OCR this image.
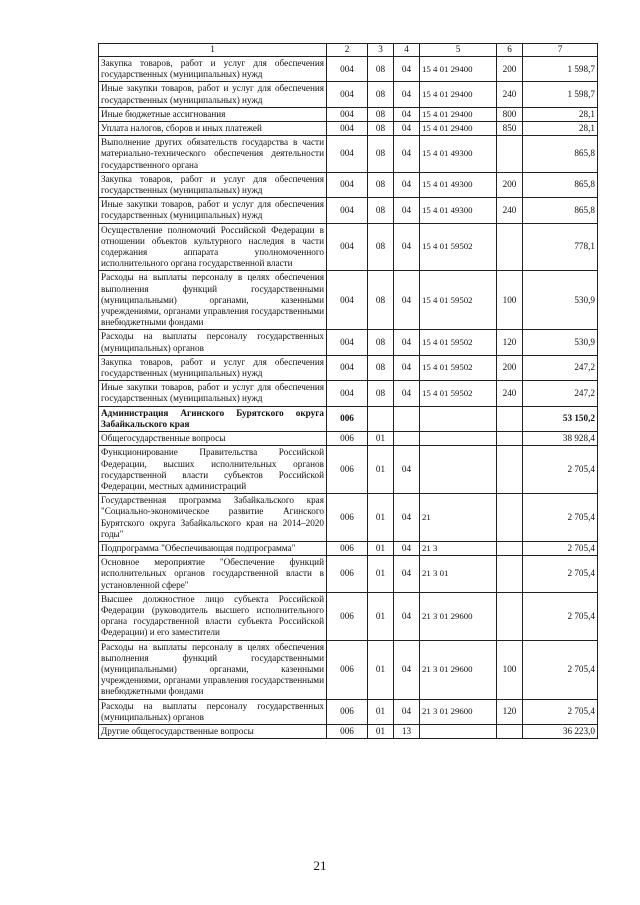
1	2	3	4	5	6	7
Закупка товаров, работ и услуг для обеспечения государственных (муниципальных) нужд	004	08	04	15 4 01 29400	200	1 598,7
Иные закупки товаров, работ и услуг для обеспечения государственных (муниципальных) нужд	004	08	04	15 4 01 29400	240	1 598,7
Иные бюджетные ассигнования	004	08	04	15 4 01 29400	800	28,1
Уплата налогов, сборов и иных платежей	004	08	04	15 4 01 29400	850	28,1
Выполнение других обязательств государства в части материально-технического обеспечения деятельности государственного органа	004	08	04	15 4 01 49300		865,8
Закупка товаров, работ и услуг для обеспечения государственных (муниципальных) нужд	004	08	04	15 4 01 49300	200	865,8
Иные закупки товаров, работ и услуг для обеспечения государственных (муниципальных) нужд	004	08	04	15 4 01 49300	240	865,8
Осуществление полномочий Российской Федерации в отношении объектов культурного наследия в части содержания аппарата уполномоченного исполнительного органа государственной власти	004	08	04	15 4 01 59502		778,1
Расходы на выплаты персоналу в целях обеспечения выполнения функций государственными (муниципальными) органами, казенными учреждениями, органами управления государственными внебюджетными фондами	004	08	04	15 4 01 59502	100	530,9
Расходы на выплаты персоналу государственных (муниципальных) органов	004	08	04	15 4 01 59502	120	530,9
Закупка товаров, работ и услуг для обеспечения государственных (муниципальных) нужд	004	08	04	15 4 01 59502	200	247,2
Иные закупки товаров, работ и услуг для обеспечения государственных (муниципальных) нужд	004	08	04	15 4 01 59502	240	247,2
Администрация Агинского Бурятского округа Забайкальского края	006					53 150,2
Общегосударственные вопросы	006	01				38 928,4
Функционирование Правительства Российской Федерации, высших исполнительных органов государственной власти субъектов Российской Федерации, местных администраций	006	01	04			2 705,4
Государственная программа Забайкальского края "Социально-экономическое развитие Агинского Бурятского округа Забайкальского края на 2014–2020 годы"	006	01	04	21		2 705,4
Подпрограмма "Обеспечивающая подпрограмма"	006	01	04	21 3		2 705,4
Основное мероприятие "Обеспечение функций исполнительных органов государственной власти в установленной сфере"	006	01	04	21 3 01		2 705,4
Высшее должностное лицо субъекта Российской Федерации (руководитель высшего исполнительного органа государственной власти субъекта Российской Федерации) и его заместители	006	01	04	21 3 01 29600		2 705,4
Расходы на выплаты персоналу в целях обеспечения выполнения функций государственными (муниципальными) органами, казенными учреждениями, органами управления государственными внебюджетными фондами	006	01	04	21 3 01 29600	100	2 705,4
Расходы на выплаты персоналу государственных (муниципальных) органов	006	01	04	21 3 01 29600	120	2 705,4
Другие общегосударственные вопросы	006	01	13			36 223,0
21
